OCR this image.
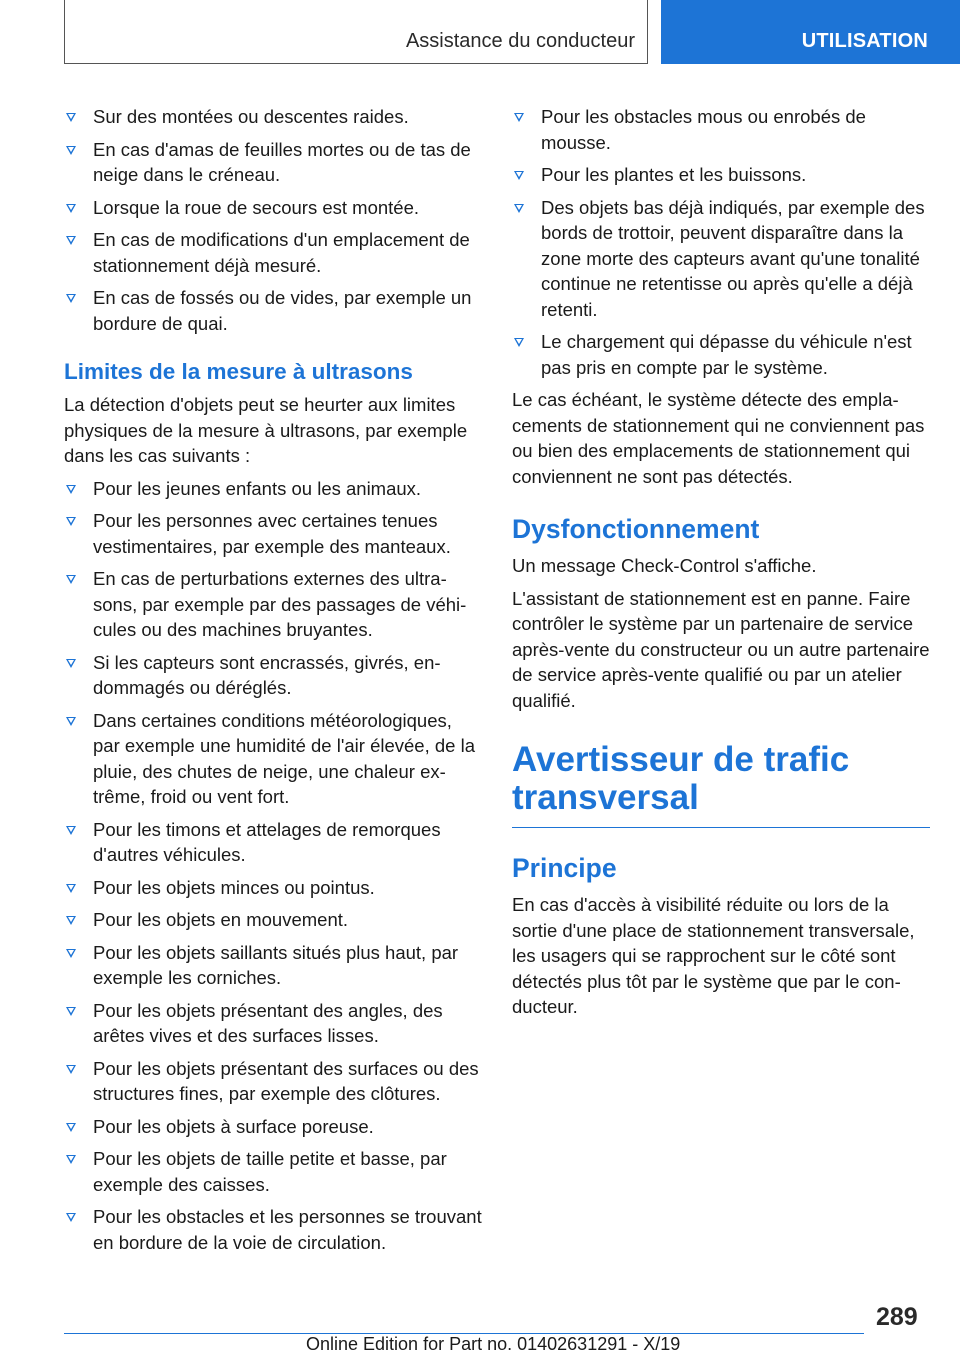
Assistance du conducteur	UTILISATION
Sur des montées ou descentes raides.
En cas d'amas de feuilles mortes ou de tas de neige dans le créneau.
Lorsque la roue de secours est montée.
En cas de modifications d'un emplacement de stationnement déjà mesuré.
En cas de fossés ou de vides, par exemple un bordure de quai.
Limites de la mesure à ultrasons

La détection d'objets peut se heurter aux limites physiques de la mesure à ultrasons, par exemple dans les cas suivants :

Pour les jeunes enfants ou les animaux.
Pour les personnes avec certaines tenues vestimentaires, par exemple des manteaux.
En cas de perturbations externes des ultrasons, par exemple par des passages de véhicules ou des machines bruyantes.
Si les capteurs sont encrassés, givrés, endommagés ou déréglés.
Dans certaines conditions météorologiques, par exemple une humidité de l'air élevée, de la pluie, des chutes de neige, une chaleur extrême, froid ou vent fort.
Pour les timons et attelages de remorques d'autres véhicules.
Pour les objets minces ou pointus.
Pour les objets en mouvement.
Pour les objets saillants situés plus haut, par exemple les corniches.
Pour les objets présentant des angles, des arêtes vives et des surfaces lisses.
Pour les objets présentant des surfaces ou des structures fines, par exemple des clôtures.
Pour les objets à surface poreuse.
Pour les objets de taille petite et basse, par exemple des caisses.
Pour les obstacles et les personnes se trouvant en bordure de la voie de circulation.
Pour les obstacles mous ou enrobés de mousse.
Pour les plantes et les buissons.
Des objets bas déjà indiqués, par exemple des bords de trottoir, peuvent disparaître dans la zone morte des capteurs avant qu'une tonalité continue ne retentisse ou après qu'elle a déjà retenti.
Le chargement qui dépasse du véhicule n'est pas pris en compte par le système.

Le cas échéant, le système détecte des emplacements de stationnement qui ne conviennent pas ou bien des emplacements de stationnement qui conviennent ne sont pas détectés.

Dysfonctionnement

Un message Check-Control s'affiche.

L'assistant de stationnement est en panne. Faire contrôler le système par un partenaire de service après-vente du constructeur ou un autre partenaire de service après-vente qualifié ou par un atelier qualifié.

Avertisseur de trafic transversal
Principe

En cas d'accès à visibilité réduite ou lors de la sortie d'une place de stationnement transversale, les usagers qui se rapprochent sur le côté sont détectés plus tôt par le système que par le conducteur.

289
Online Edition for Part no. 01402631291 - X/19
